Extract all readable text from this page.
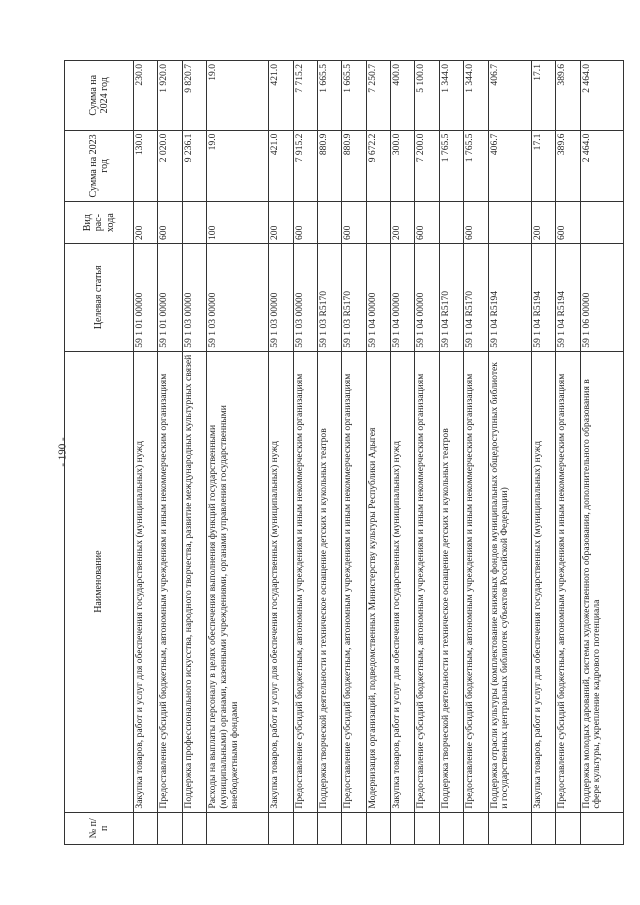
- 190 -
№ п/п	Наименование	Целевая статья	Вид рас-хода	Сумма на 2023 год	Сумма на 2024 год
	Закупка товаров, работ и услуг для обеспечения государственных (муниципальных) нужд	59 1 01 00000	200	130.0	230.0
	Предоставление субсидий бюджетным, автономным учреждениям и иным некоммерческим организациям	59 1 01 00000	600	2 020.0	1 920.0
	Поддержка профессионального искусства, народного творчества, развитие международных культурных связей	59 1 03 00000		9 236.1	9 820.7
	Расходы на выплаты персоналу в целях обеспечения выполнения функций государственными (муниципальными) органами, казенными учреждениями, органами управления государственными внебюджетными фондами	59 1 03 00000	100	19.0	19.0
	Закупка товаров, работ и услуг для обеспечения государственных (муниципальных) нужд	59 1 03 00000	200	421.0	421.0
	Предоставление субсидий бюджетным, автономным учреждениям и иным некоммерческим организациям	59 1 03 00000	600	7 915.2	7 715.2
	Поддержка творческой деятельности и техническое оснащение детских и кукольных театров	59 1 03 R5170		880.9	1 665.5
	Предоставление субсидий бюджетным, автономным учреждениям и иным некоммерческим организациям	59 1 03 R5170	600	880.9	1 665.5
	Модернизация организаций, подведомственных Министерству культуры Республики Адыгея	59 1 04 00000		9 672.2	7 250.7
	Закупка товаров, работ и услуг для обеспечения государственных (муниципальных) нужд	59 1 04 00000	200	300.0	400.0
	Предоставление субсидий бюджетным, автономным учреждениям и иным некоммерческим организациям	59 1 04 00000	600	7 200.0	5 100.0
	Поддержка творческой деятельности и техническое оснащение детских и кукольных театров	59 1 04 R5170		1 765.5	1 344.0
	Предоставление субсидий бюджетным, автономным учреждениям и иным некоммерческим организациям	59 1 04 R5170	600	1 765.5	1 344.0
	Поддержка отрасли культуры (комплектование книжных фондов муниципальных общедоступных библиотек и государственных центральных библиотек субъектов Российской Федерации)	59 1 04 R5194		406.7	406.7
	Закупка товаров, работ и услуг для обеспечения государственных (муниципальных) нужд	59 1 04 R5194	200	17.1	17.1
	Предоставление субсидий бюджетным, автономным учреждениям и иным некоммерческим организациям	59 1 04 R5194	600	389.6	389.6
	Поддержка молодых дарований, системы художественного образования, дополнительного образования в сфере культуры, укрепление кадрового потенциала	59 1 06 00000		2 464.0	2 464.0
